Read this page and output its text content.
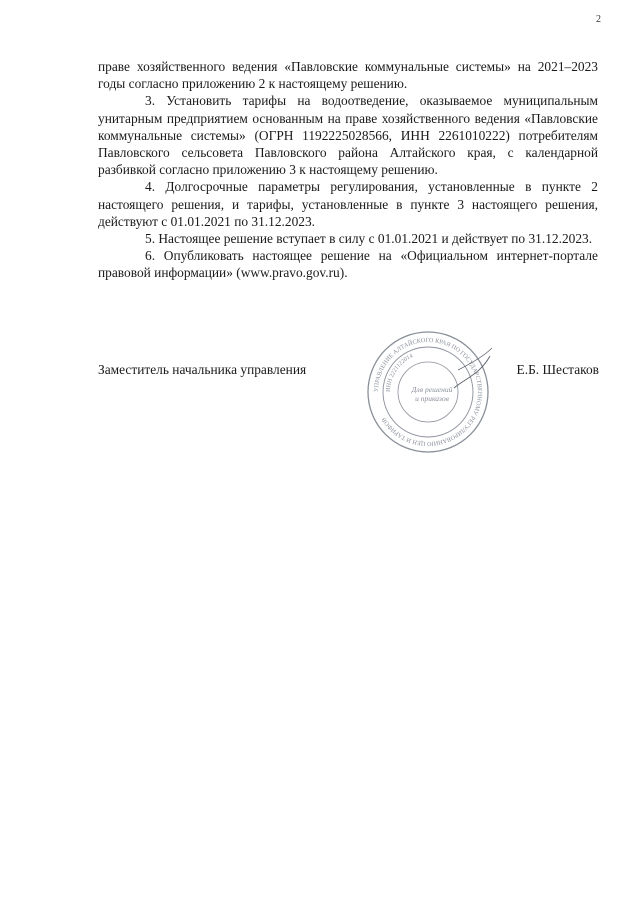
2

праве хозяйственного ведения «Павловские коммунальные системы» на 2021–2023 годы согласно приложению 2 к настоящему решению.

3. Установить тарифы на водоотведение, оказываемое муниципальным унитарным предприятием основанным на праве хозяйственного ведения «Павловские коммунальные системы» (ОГРН 1192225028566, ИНН 2261010222) потребителям Павловского сельсовета Павловского района Алтайского края, с календарной разбивкой согласно приложению 3 к настоящему решению.

4. Долгосрочные параметры регулирования, установленные в пункте 2 настоящего решения, и тарифы, установленные в пункте 3 настоящего решения, действуют с 01.01.2021 по 31.12.2023.

5. Настоящее решение вступает в силу с 01.01.2021 и действует по 31.12.2023.

6. Опубликовать настоящее решение на «Официальном интернет-портале правовой информации» (www.pravo.gov.ru).

Заместитель начальника управления
УПРАВЛЕНИЕ АЛТАЙСКОГО КРАЯ ПО ГОСУДАРСТВЕННОМУ РЕГУЛИРОВАНИЮ ЦЕН И ТАРИФОВ
ИНН 2221122014
Для решений
и приказов
Е.Б. Шестаков
